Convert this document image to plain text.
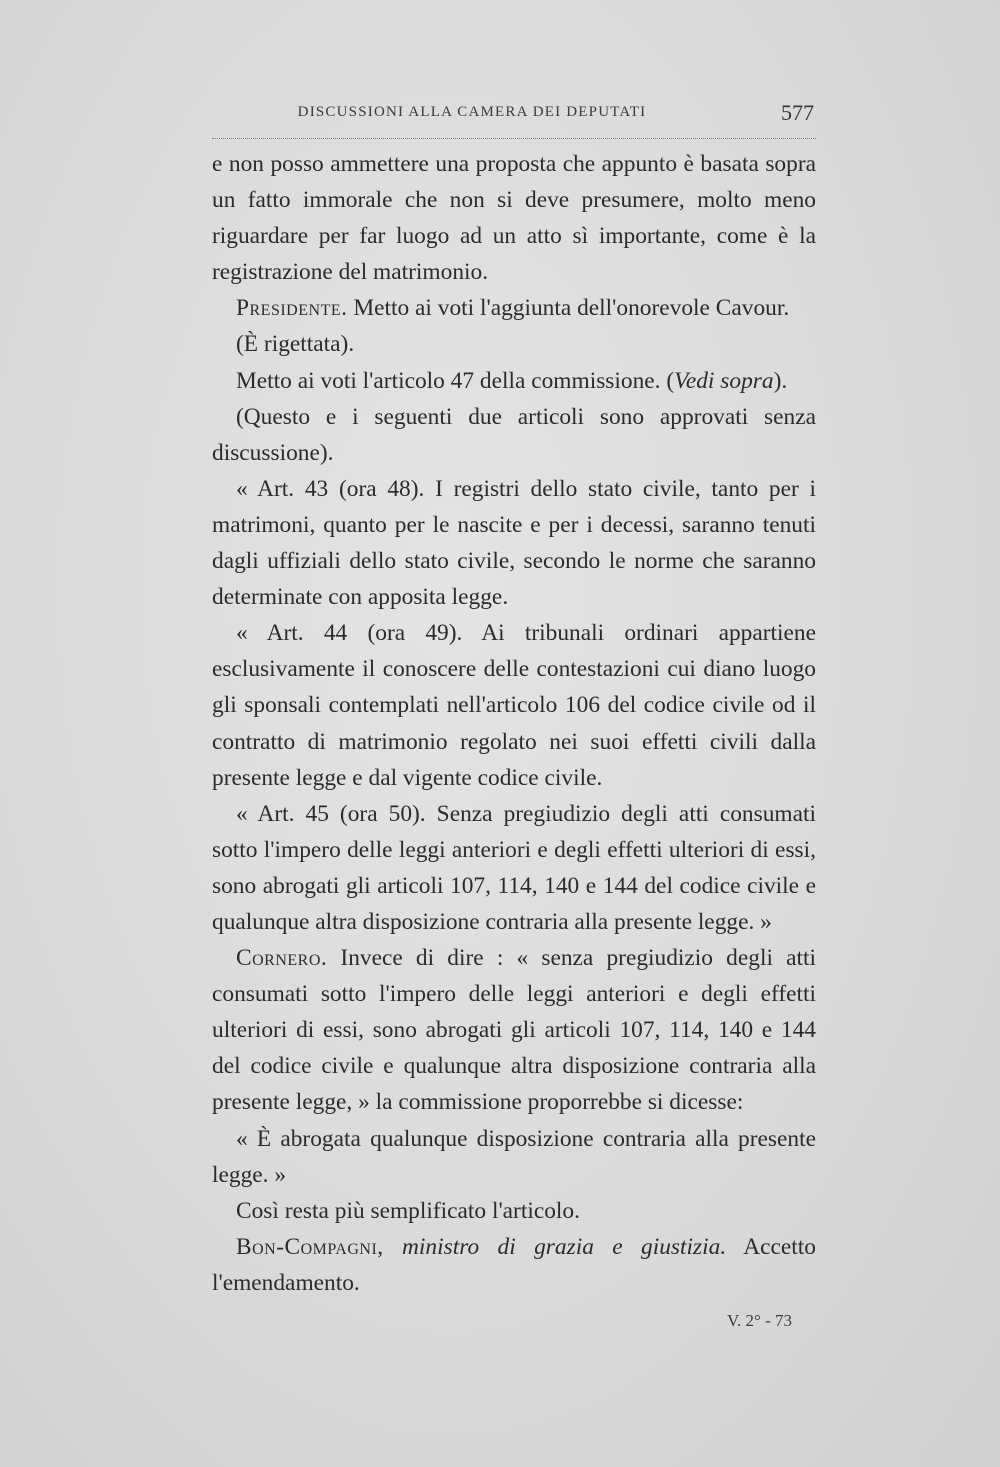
DISCUSSIONI ALLA CAMERA DEI DEPUTATI	577

e non posso ammettere una proposta che appunto è basata sopra un fatto immorale che non si deve presumere, molto meno riguardare per far luogo ad un atto sì importante, come è la registrazione del matrimonio.

Presidente. Metto ai voti l'aggiunta dell'onorevole Cavour.

(È rigettata).

Metto ai voti l'articolo 47 della commissione. (Vedi sopra).

(Questo e i seguenti due articoli sono approvati senza discussione).

« Art. 43 (ora 48). I registri dello stato civile, tanto per i matrimoni, quanto per le nascite e per i decessi, saranno tenuti dagli uffiziali dello stato civile, secondo le norme che saranno determinate con apposita legge.

« Art. 44 (ora 49). Ai tribunali ordinari appartiene esclusivamente il conoscere delle contestazioni cui diano luogo gli sponsali contemplati nell'articolo 106 del codice civile od il contratto di matrimonio regolato nei suoi effetti civili dalla presente legge e dal vigente codice civile.

« Art. 45 (ora 50). Senza pregiudizio degli atti consumati sotto l'impero delle leggi anteriori e degli effetti ulteriori di essi, sono abrogati gli articoli 107, 114, 140 e 144 del codice civile e qualunque altra disposizione contraria alla presente legge. »

Cornero. Invece di dire : « senza pregiudizio degli atti consumati sotto l'impero delle leggi anteriori e degli effetti ulteriori di essi, sono abrogati gli articoli 107, 114, 140 e 144 del codice civile e qualunque altra disposizione contraria alla presente legge, » la commissione proporrebbe si dicesse:

« È abrogata qualunque disposizione contraria alla presente legge. »

Così resta più semplificato l'articolo.

Bon-Compagni, ministro di grazia e giustizia. Accetto l'emendamento.

V. 2° - 73
